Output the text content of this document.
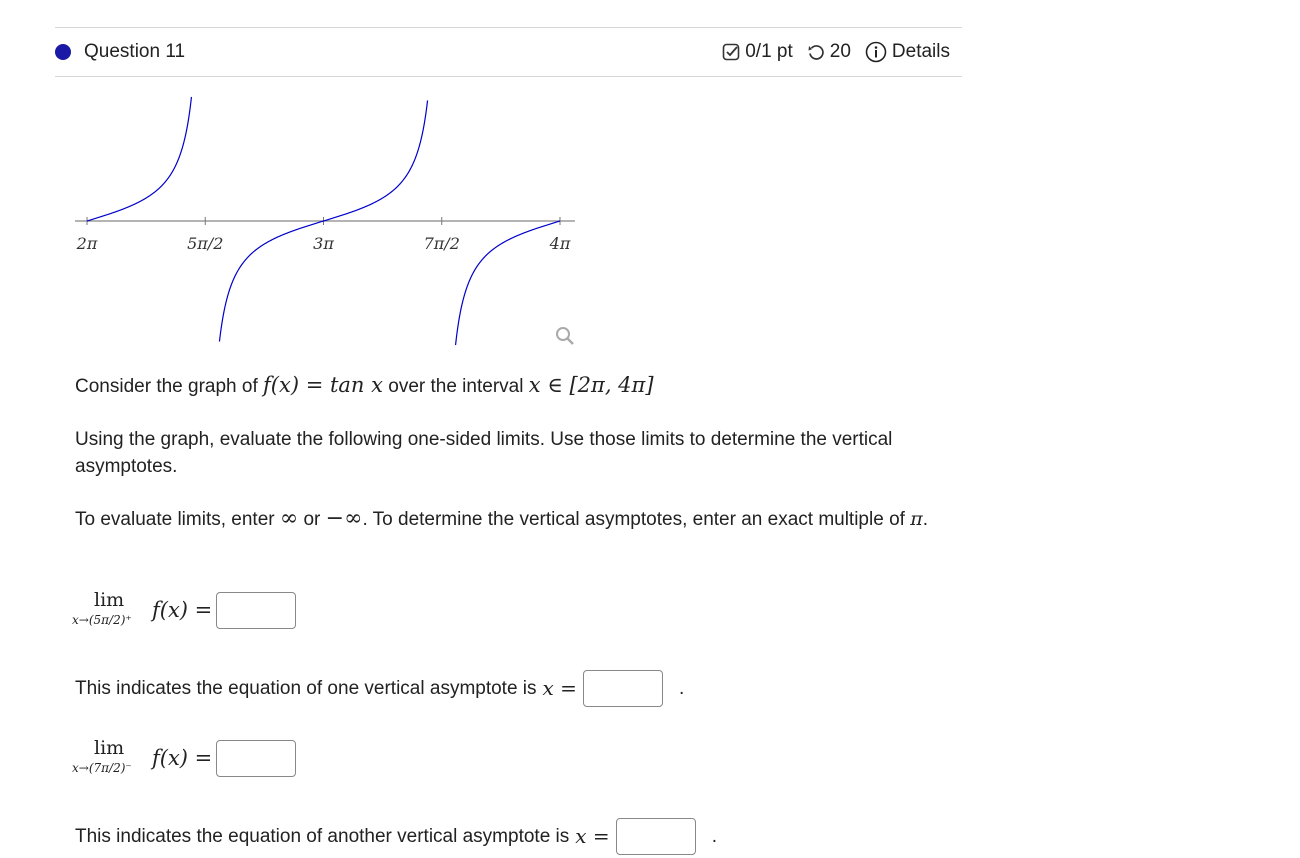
Question 11	0/1 pt 20 Details
2π	5π/2	3π	7π/2	4π
Consider the graph of f(x) = tan x over the interval x ∈ [2π, 4π]
Using the graph, evaluate the following one-sided limits. Use those limits to determine the vertical asymptotes.
To evaluate limits, enter ∞ or −∞. To determine the vertical asymptotes, enter an exact multiple of π.
lim
x→(5π/2)⁺ f(x) =
This indicates the equation of one vertical asymptote is x =	.
lim
x→(7π/2)⁻ f(x) =
This indicates the equation of another vertical asymptote is x =	.
